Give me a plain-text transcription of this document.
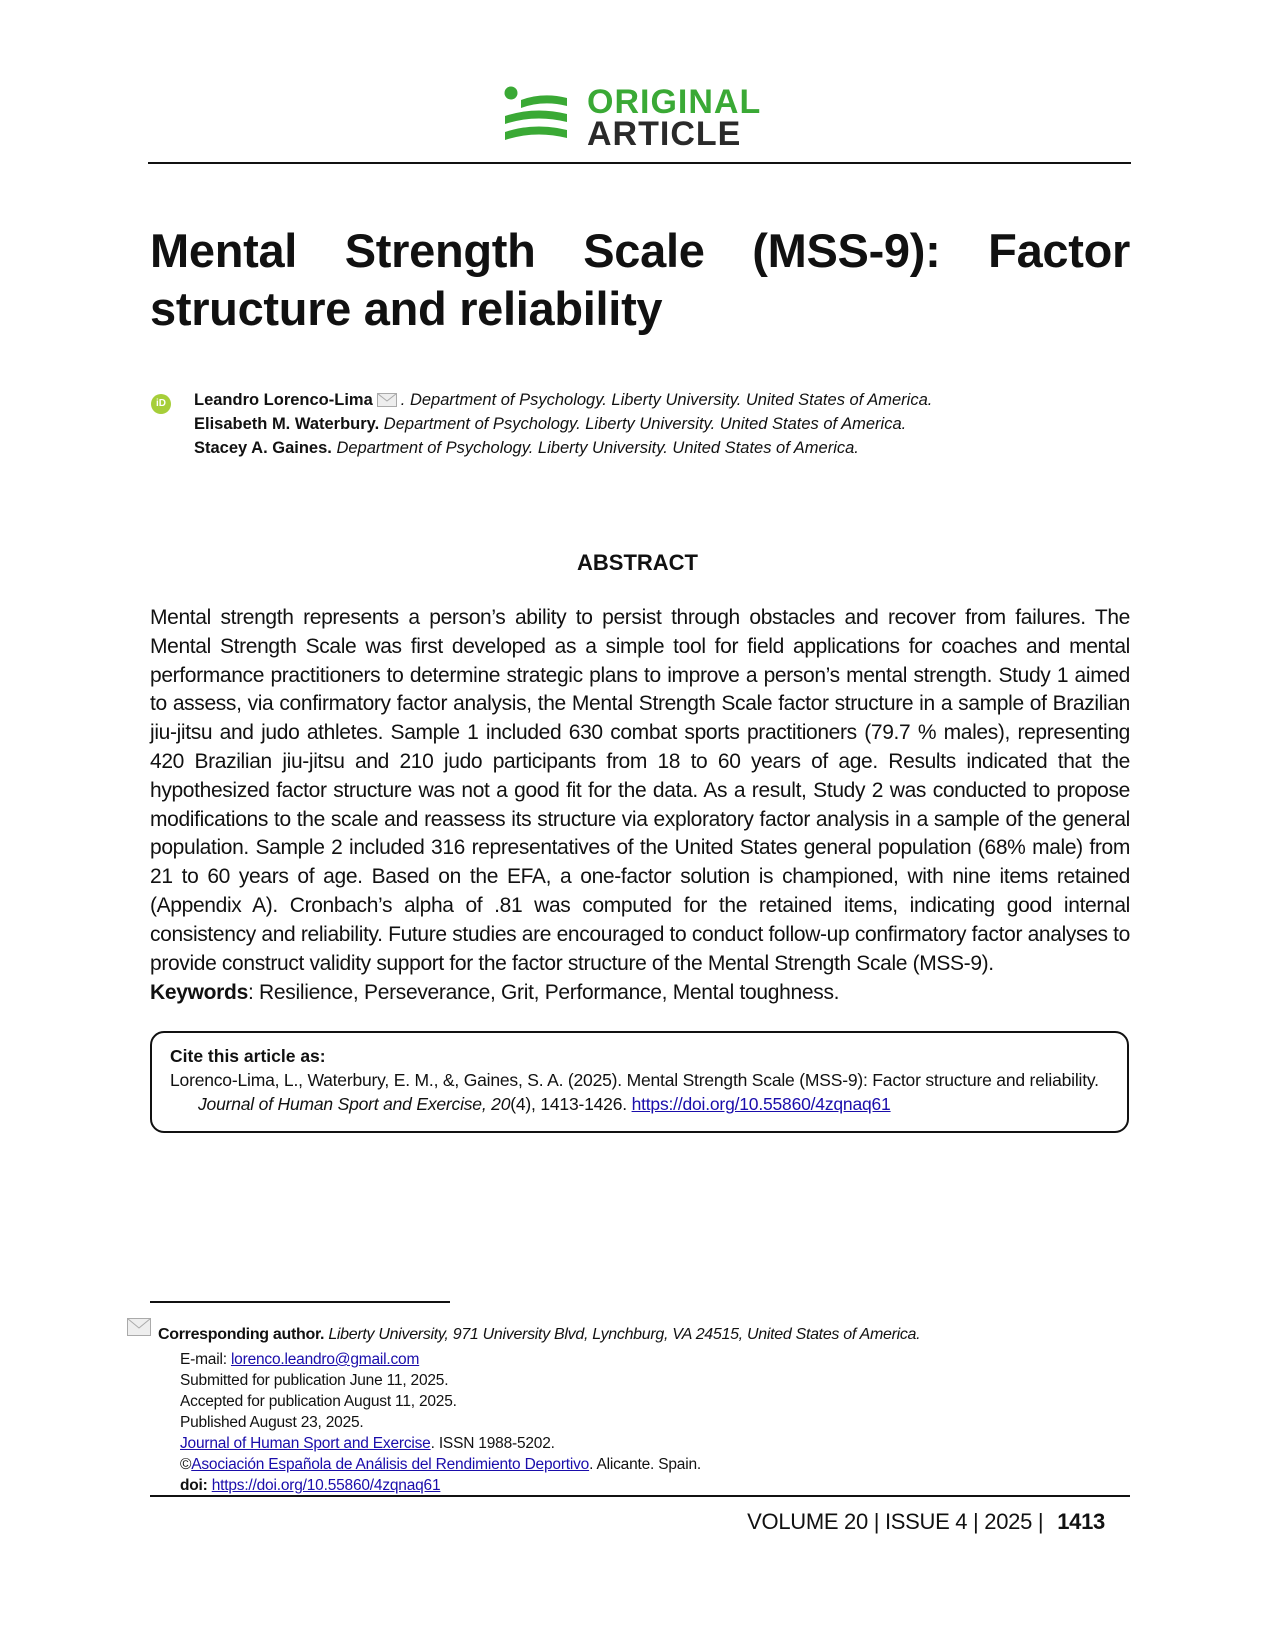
ORIGINAL
ARTICLE
Mental Strength Scale (MSS-9): Factor structure and reliability
iD	Leandro Lorenco-Lima . Department of Psychology. Liberty University. United States of America.
Elisabeth M. Waterbury. Department of Psychology. Liberty University. United States of America.
Stacey A. Gaines. Department of Psychology. Liberty University. United States of America.
ABSTRACT
Mental strength represents a person’s ability to persist through obstacles and recover from failures. The Mental Strength Scale was first developed as a simple tool for field applications for coaches and mental performance practitioners to determine strategic plans to improve a person’s mental strength. Study 1 aimed to assess, via confirmatory factor analysis, the Mental Strength Scale factor structure in a sample of Brazilian jiu-jitsu and judo athletes. Sample 1 included 630 combat sports practitioners (79.7 % males), representing 420 Brazilian jiu-jitsu and 210 judo participants from 18 to 60 years of age. Results indicated that the hypothesized factor structure was not a good fit for the data. As a result, Study 2 was conducted to propose modifications to the scale and reassess its structure via exploratory factor analysis in a sample of the general population. Sample 2 included 316 representatives of the United States general population (68% male) from 21 to 60 years of age. Based on the EFA, a one-factor solution is championed, with nine items retained (Appendix A). Cronbach’s alpha of .81 was computed for the retained items, indicating good internal consistency and reliability. Future studies are encouraged to conduct follow-up confirmatory factor analyses to provide construct validity support for the factor structure of the Mental Strength Scale (MSS-9).
Keywords: Resilience, Perseverance, Grit, Performance, Mental toughness.
Cite this article as:
Lorenco-Lima, L., Waterbury, E. M., &, Gaines, S. A. (2025). Mental Strength Scale (MSS-9): Factor structure and reliability.
Journal of Human Sport and Exercise, 20(4), 1413-1426. https://doi.org/10.55860/4zqnaq61
Corresponding author. Liberty University, 971 University Blvd, Lynchburg, VA 24515, United States of America.
E-mail: lorenco.leandro@gmail.com
Submitted for publication June 11, 2025.
Accepted for publication August 11, 2025.
Published August 23, 2025.
Journal of Human Sport and Exercise. ISSN 1988-5202.
©Asociación Española de Análisis del Rendimiento Deportivo. Alicante. Spain.
doi: https://doi.org/10.55860/4zqnaq61
VOLUME 20 | ISSUE 4 | 2025 | 1413
